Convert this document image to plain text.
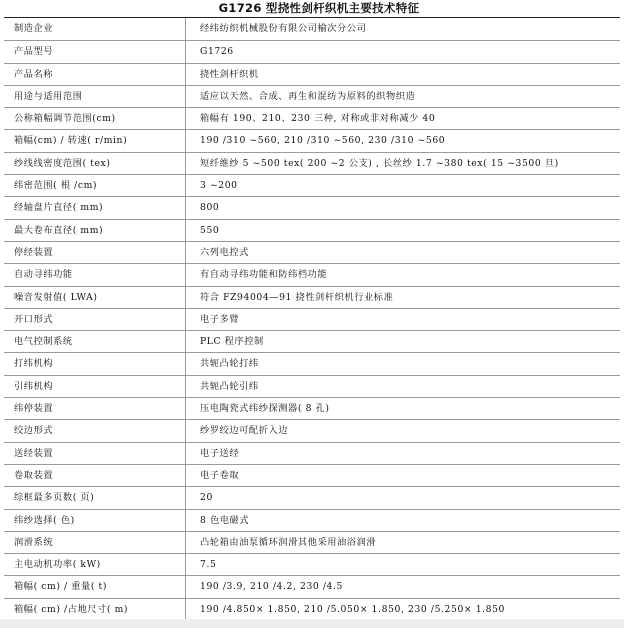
G1726 型挠性剑杆织机主要技术特征
制造企业	经纬纺织机械股份有限公司榆次分公司
产品型号	G1726
产品名称	挠性剑杆织机
用途与适用范围	适应以天然、合成、再生和混纺为原料的织物织造
公称箱幅调节范围(cm)	箱幅有 190、210、230 三种, 对称或非对称减少 40
箱幅(cm) / 转速( r/min)	190 /310 ~560, 210 /310 ~560, 230 /310 ~560
纱线线密度范围( tex)	短纤维纱 5 ~500 tex( 200 ~2 公支) , 长丝纱 1.7 ~380 tex( 15 ~3500 旦)
纬密范围( 根 /cm)	3 ~200
经轴盘片直径( mm)	800
最大卷布直径( mm)	550
停经装置	六列电控式
自动寻纬功能	有自动寻纬功能和防纬档功能
噪音发射值( LWA)	符合 FZ94004—91 挠性剑杆织机行业标准
开口形式	电子多臂
电气控制系统	PLC 程序控制
打纬机构	共轭凸轮打纬
引纬机构	共轭凸轮引纬
纬停装置	压电陶瓷式纬纱探测器( 8 孔)
绞边形式	纱罗绞边可配折入边
送经装置	电子送经
卷取装置	电子卷取
综框最多页数( 页)	20
纬纱选择( 色)	8 色电磁式
润滑系统	凸轮箱由油泵循环润滑其他采用油浴润滑
主电动机功率( kW)	7.5
箱幅( cm) / 重量( t)	190 /3.9, 210 /4.2, 230 /4.5
箱幅( cm) /占地尺寸( m)	190 /4.850× 1.850, 210 /5.050× 1.850, 230 /5.250× 1.850
